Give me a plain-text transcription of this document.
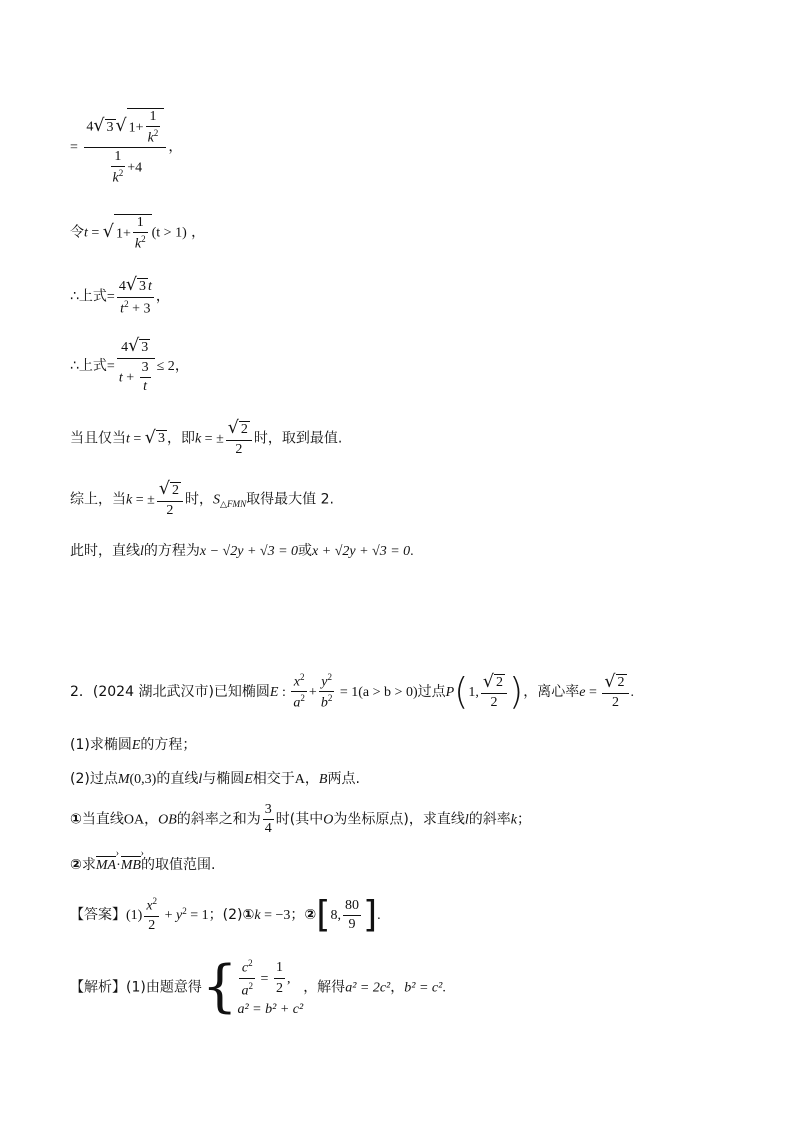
= $\frac{4√ 3 √ 1+ \frac{1}{k^2}}{\frac{1}{k^2} +4}$ ，
令t = √ $1+ \frac{1}{k^2} (t > 1)$ ，
∴上式= $\frac{4√ 3 t}{t^2 + 3}$ ，
∴上式= $\frac{4√ 3}{t + \frac{3}{t}} \le 2$，
当且仅当t = √ 3 ，即k = ± $\frac{√ 2}{2}$ 时，取到最值.
综上，当k = ± $\frac{√ 2}{2}$ 时，$S_{\triangle FMN}$取得最大值 2.
此时，直线l的方程为x − √2y + √3 = 0或x + √2y + √3 = 0.
2．(2024 湖北武汉市)已知椭圆E : $\frac{x^2}{a^2} + \frac{y^2}{b^2} = 1(a > b > 0)$过点P(1, $\frac{√ 2}{2}$ )，离心率$e = \frac{√ 2}{2}$ .
(1)求椭圆E的方程；
(2)过点M(0,3)的直线l与椭圆E相交于A，B两点.
①当直线OA，OB的斜率之和为 $\frac{3}{4}$ 时(其中O为坐标原点)，求直线l的斜率k；
②求MA ›·MB ›的取值范围.
【答案】$(1) \frac{x^2}{2} + y^2 = 1$；(2)①k = −3；②[8, $\frac{80}{9}$ ].
【解析】(1)由题意得{ $\frac{c^2}{a^2} = \frac{1}{2}$ ,
a² = b² + c²
，解得a² = 2c²，b² = c².
